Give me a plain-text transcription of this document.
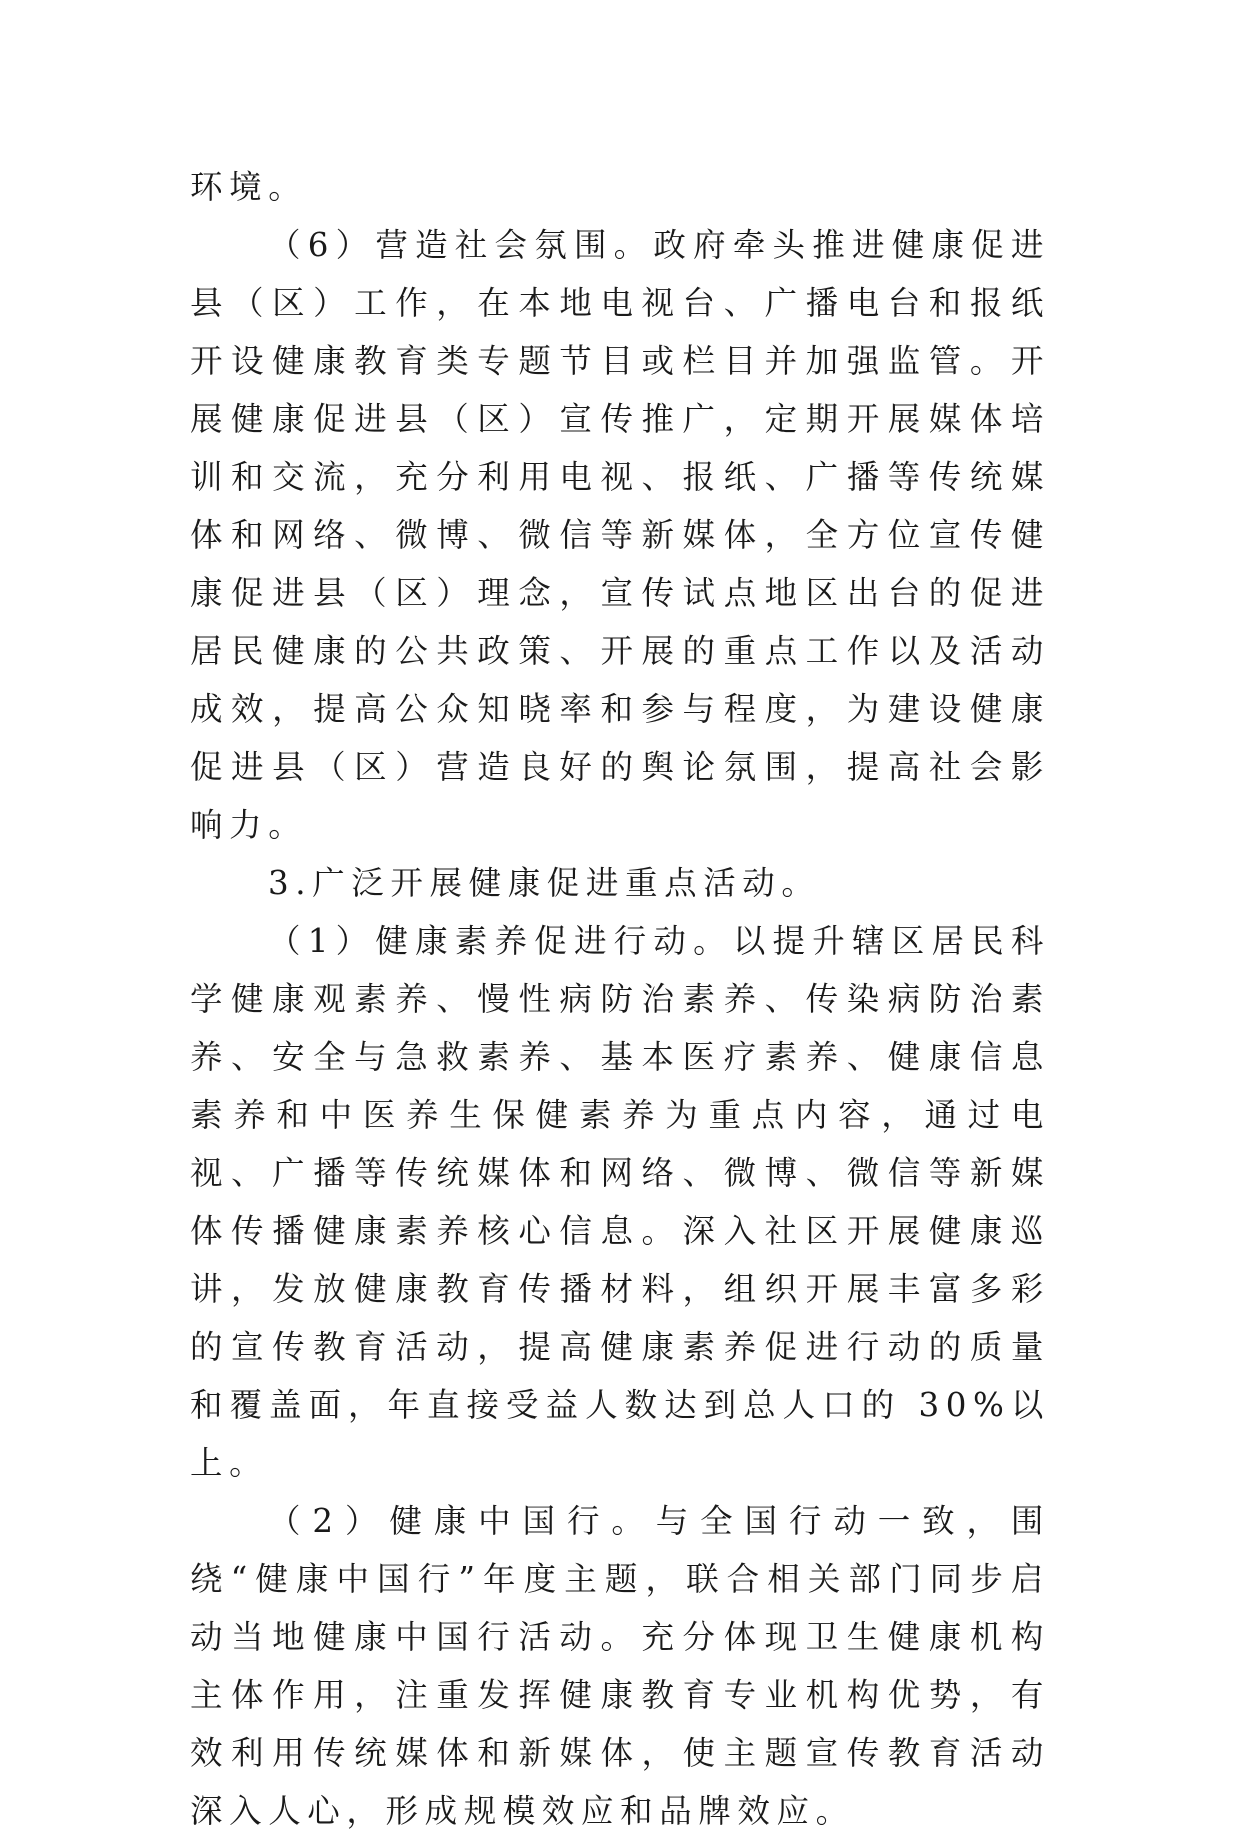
环境。

（6）营造社会氛围。政府牵头推进健康促进县（区）工作，在本地电视台、广播电台和报纸开设健康教育类专题节目或栏目并加强监管。开展健康促进县（区）宣传推广，定期开展媒体培训和交流，充分利用电视、报纸、广播等传统媒体和网络、微博、微信等新媒体，全方位宣传健康促进县（区）理念，宣传试点地区出台的促进居民健康的公共政策、开展的重点工作以及活动成效，提高公众知晓率和参与程度，为建设健康促进县（区）营造良好的舆论氛围，提高社会影响力。

3.广泛开展健康促进重点活动。

（1）健康素养促进行动。以提升辖区居民科学健康观素养、慢性病防治素养、传染病防治素养、安全与急救素养、基本医疗素养、健康信息素养和中医养生保健素养为重点内容，通过电视、广播等传统媒体和网络、微博、微信等新媒体传播健康素养核心信息。深入社区开展健康巡讲，发放健康教育传播材料，组织开展丰富多彩的宣传教育活动，提高健康素养促进行动的质量和覆盖面，年直接受益人数达到总人口的 30%以上。

（2）健康中国行。与全国行动一致，围绕“健康中国行”年度主题，联合相关部门同步启动当地健康中国行活动。充分体现卫生健康机构主体作用，注重发挥健康教育专业机构优势，有效利用传统媒体和新媒体，使主题宣传教育活动深入人心，形成规模效应和品牌效应。
